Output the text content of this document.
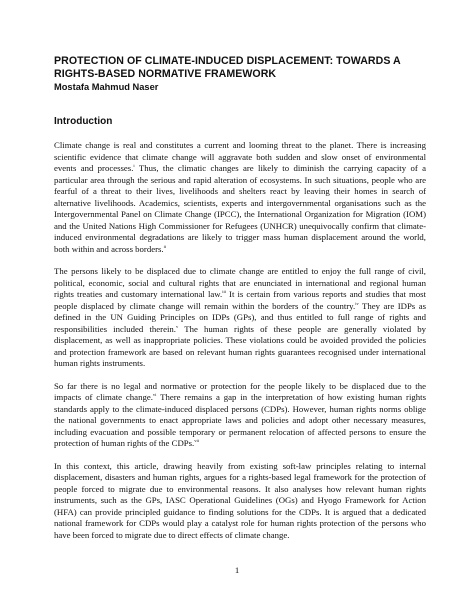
PROTECTION OF CLIMATE-INDUCED DISPLACEMENT: TOWARDS A RIGHTS-BASED NORMATIVE FRAMEWORK

Mostafa Mahmud Naser

Introduction

Climate change is real and constitutes a current and looming threat to the planet. There is increasing scientific evidence that climate change will aggravate both sudden and slow onset of environmental events and processes.$^i$ Thus, the climatic changes are likely to diminish the carrying capacity of a particular area through the serious and rapid alteration of ecosystems. In such situations, people who are fearful of a threat to their lives, livelihoods and shelters react by leaving their homes in search of alternative livelihoods. Academics, scientists, experts and intergovernmental organisations such as the Intergovernmental Panel on Climate Change (IPCC), the International Organization for Migration (IOM) and the United Nations High Commissioner for Refugees (UNHCR) unequivocally confirm that climate-induced environmental degradations are likely to trigger mass human displacement around the world, both within and across borders.$^{ii}$

The persons likely to be displaced due to climate change are entitled to enjoy the full range of civil, political, economic, social and cultural rights that are enunciated in international and regional human rights treaties and customary international law.$^{iii}$ It is certain from various reports and studies that most people displaced by climate change will remain within the borders of the country.$^{iv}$ They are IDPs as defined in the UN Guiding Principles on IDPs (GPs), and thus entitled to full range of rights and responsibilities included therein.$^v$ The human rights of these people are generally violated by displacement, as well as inappropriate policies. These violations could be avoided provided the policies and protection framework are based on relevant human rights guarantees recognised under international human rights instruments.

So far there is no legal and normative or protection for the people likely to be displaced due to the impacts of climate change.$^{vi}$ There remains a gap in the interpretation of how existing human rights standards apply to the climate-induced displaced persons (CDPs). However, human rights norms oblige the national governments to enact appropriate laws and policies and adopt other necessary measures, including evacuation and possible temporary or permanent relocation of affected persons to ensure the protection of human rights of the CDPs.$^{vii}$

In this context, this article, drawing heavily from existing soft-law principles relating to internal displacement, disasters and human rights, argues for a rights-based legal framework for the protection of people forced to migrate due to environmental reasons. It also analyses how relevant human rights instruments, such as the GPs, IASC Operational Guidelines (OGs) and Hyogo Framework for Action (HFA) can provide principled guidance to finding solutions for the CDPs. It is argued that a dedicated national framework for CDPs would play a catalyst role for human rights protection of the persons who have been forced to migrate due to direct effects of climate change.

1
